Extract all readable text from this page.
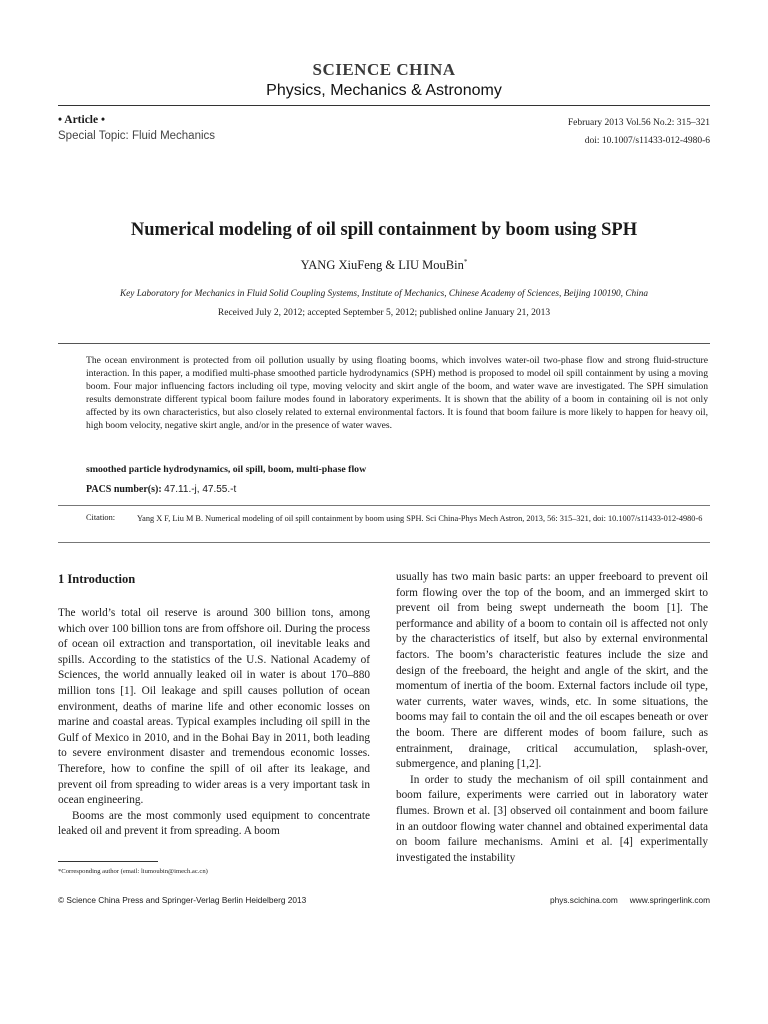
SCIENCE CHINA
Physics, Mechanics & Astronomy
• Article •
Special Topic: Fluid Mechanics
February 2013 Vol.56 No.2: 315–321
doi: 10.1007/s11433-012-4980-6
Numerical modeling of oil spill containment by boom using SPH
YANG XiuFeng & LIU MouBin*
Key Laboratory for Mechanics in Fluid Solid Coupling Systems, Institute of Mechanics, Chinese Academy of Sciences, Beijing 100190, China
Received July 2, 2012; accepted September 5, 2012; published online January 21, 2013
The ocean environment is protected from oil pollution usually by using floating booms, which involves water-oil two-phase flow and strong fluid-structure interaction. In this paper, a modified multi-phase smoothed particle hydrodynamics (SPH) method is proposed to model oil spill containment by using a moving boom. Four major influencing factors including oil type, moving velocity and skirt angle of the boom, and water wave are investigated. The SPH simulation results demonstrate different typical boom failure modes found in laboratory experiments. It is shown that the ability of a boom in containing oil is not only affected by its own characteristics, but also closely related to external environmental factors. It is found that boom failure is more likely to happen for heavy oil, high boom velocity, negative skirt angle, and/or in the presence of water waves.
smoothed particle hydrodynamics, oil spill, boom, multi-phase flow
PACS number(s): 47.11.-j, 47.55.-t
Citation:	Yang X F, Liu M B. Numerical modeling of oil spill containment by boom using SPH. Sci China-Phys Mech Astron, 2013, 56: 315–321, doi: 10.1007/s11433-012-4980-6
1 Introduction

The world’s total oil reserve is around 300 billion tons, among which over 100 billion tons are from offshore oil. During the process of ocean oil extraction and transportation, oil inevitable leaks and spills. According to the statistics of the U.S. National Academy of Sciences, the world annually leaked oil in water is about 170–880 million tons [1]. Oil leakage and spill causes pollution of ocean environment, deaths of marine life and other economic losses on marine and coastal areas. Typical examples including oil spill in the Gulf of Mexico in 2010, and in the Bohai Bay in 2011, both leading to severe environment disaster and tremendous economic losses. Therefore, how to confine the spill of oil after its leakage, and prevent oil from spreading to wider areas is a very important task in ocean engineering.

Booms are the most commonly used equipment to concentrate leaked oil and prevent it from spreading. A boom

usually has two main basic parts: an upper freeboard to prevent oil form flowing over the top of the boom, and an immerged skirt to prevent oil from being swept underneath the boom [1]. The performance and ability of a boom to contain oil is affected not only by the characteristics of itself, but also by external environmental factors. The boom’s characteristic features include the size and design of the freeboard, the height and angle of the skirt, and the momentum of inertia of the boom. External factors include oil type, water currents, water waves, winds, etc. In some situations, the booms may fail to contain the oil and the oil escapes beneath or over the boom. There are different modes of boom failure, such as entrainment, drainage, critical accumulation, splash-over, submergence, and planing [1,2].

In order to study the mechanism of oil spill containment and boom failure, experiments were carried out in laboratory water flumes. Brown et al. [3] observed oil containment and boom failure in an outdoor flowing water channel and obtained experimental data on boom failure mechanisms. Amini et al. [4] experimentally investigated the instability

*Corresponding author (email: liumoubin@imech.ac.cn)
© Science China Press and Springer-Verlag Berlin Heidelberg 2013	phys.scichina.com www.springerlink.com
